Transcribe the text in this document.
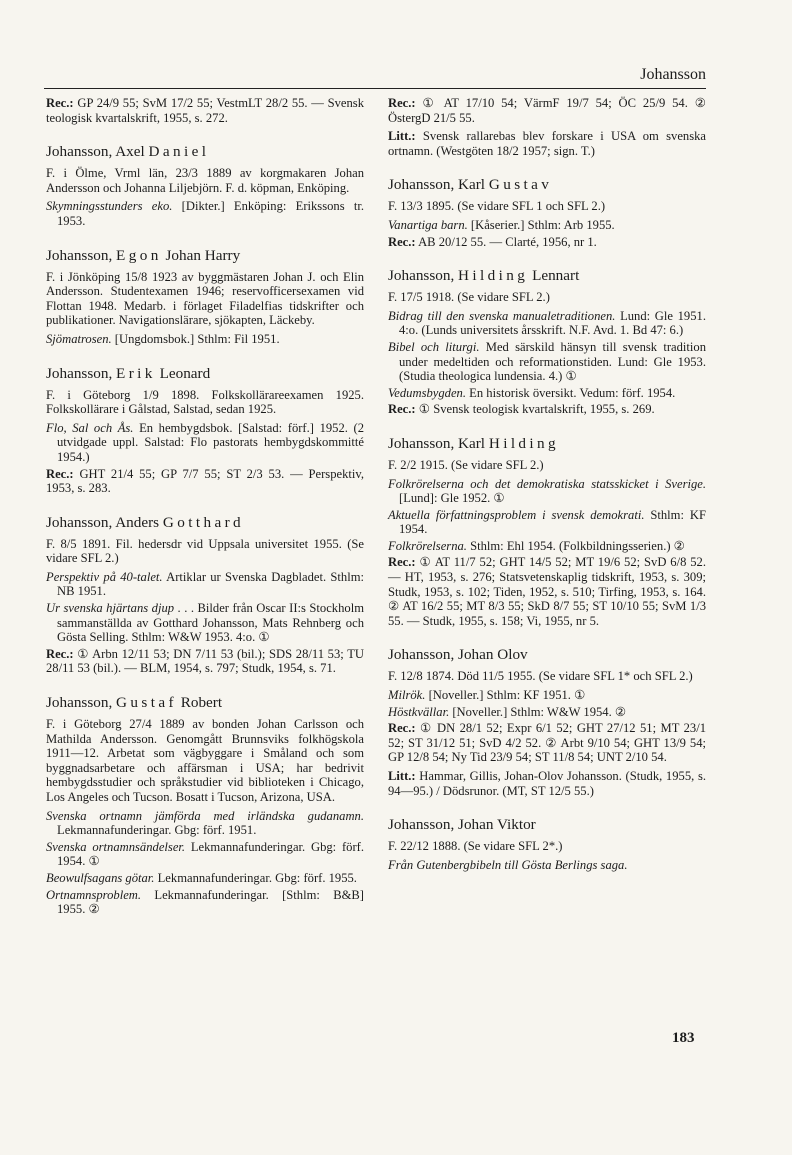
Johansson

Rec.: GP 24/9 55; SvM 17/2 55; VestmLT 28/2 55. — Svensk teologisk kvartalskrift, 1955, s. 272.

Johansson, Axel Daniel

F. i Ölme, Vrml län, 23/3 1889 av korgmakaren Johan Andersson och Johanna Liljebjörn. F. d. köpman, Enköping.

Skymningsstunders eko. [Dikter.] Enköping: Erikssons tr. 1953.

Johansson, Egon Johan Harry

F. i Jönköping 15/8 1923 av byggmästaren Johan J. och Elin Andersson. Studentexamen 1946; reservofficersexamen vid Flottan 1948. Medarb. i förlaget Filadelfias tidskrifter och publikationer. Navigationslärare, sjökapten, Läckeby.

Sjömatrosen. [Ungdomsbok.] Sthlm: Fil 1951.

Johansson, Erik Leonard

F. i Göteborg 1/9 1898. Folkskollärareexamen 1925. Folkskollärare i Gålstad, Salstad, sedan 1925.

Flo, Sal och Ås. En hembygdsbok. [Salstad: förf.] 1952. (2 utvidgade uppl. Salstad: Flo pastorats hembygdskommitté 1954.)

Rec.: GHT 21/4 55; GP 7/7 55; ST 2/3 53. — Perspektiv, 1953, s. 283.

Johansson, Anders Gotthard

F. 8/5 1891. Fil. hedersdr vid Uppsala universitet 1955. (Se vidare SFL 2.)

Perspektiv på 40-talet. Artiklar ur Svenska Dagbladet. Sthlm: NB 1951.

Ur svenska hjärtans djup . . . Bilder från Oscar II:s Stockholm sammanställda av Gotthard Johansson, Mats Rehnberg och Gösta Selling. Sthlm: W&W 1953. 4:o. ①

Rec.: ① Arbn 12/11 53; DN 7/11 53 (bil.); SDS 28/11 53; TU 28/11 53 (bil.). — BLM, 1954, s. 797; Studk, 1954, s. 71.

Johansson, Gustaf Robert

F. i Göteborg 27/4 1889 av bonden Johan Carlsson och Mathilda Andersson. Genomgått Brunnsviks folkhögskola 1911—12. Arbetat som vägbyggare i Småland och som byggnadsarbetare och affärsman i USA; har bedrivit hembygdsstudier och språkstudier vid biblioteken i Chicago, Los Angeles och Tucson. Bosatt i Tucson, Arizona, USA.

Svenska ortnamn jämförda med irländska gudanamn. Lekmannafunderingar. Gbg: förf. 1951.

Svenska ortnamnsändelser. Lekmannafunderingar. Gbg: förf. 1954. ①

Beowulfsagans götar. Lekmannafunderingar. Gbg: förf. 1955.

Ortnamnsproblem. Lekmannafunderingar. [Sthlm: B&B] 1955. ②

Rec.: ① AT 17/10 54; VärmF 19/7 54; ÖC 25/9 54. ② ÖstergD 21/5 55.

Litt.: Svensk rallarebas blev forskare i USA om svenska ortnamn. (Westgöten 18/2 1957; sign. T.)

Johansson, Karl Gustav

F. 13/3 1895. (Se vidare SFL 1 och SFL 2.)

Vanartiga barn. [Kåserier.] Sthlm: Arb 1955.

Rec.: AB 20/12 55. — Clarté, 1956, nr 1.

Johansson, Hilding Lennart

F. 17/5 1918. (Se vidare SFL 2.)

Bidrag till den svenska manualetraditionen. Lund: Gle 1951. 4:o. (Lunds universitets årsskrift. N.F. Avd. 1. Bd 47: 6.)

Bibel och liturgi. Med särskild hänsyn till svensk tradition under medeltiden och reformationstiden. Lund: Gle 1953. (Studia theologica lundensia. 4.) ①

Vedumsbygden. En historisk översikt. Vedum: förf. 1954.

Rec.: ① Svensk teologisk kvartalskrift, 1955, s. 269.

Johansson, Karl Hilding

F. 2/2 1915. (Se vidare SFL 2.)

Folkrörelserna och det demokratiska statsskicket i Sverige. [Lund]: Gle 1952. ①

Aktuella författningsproblem i svensk demokrati. Sthlm: KF 1954.

Folkrörelserna. Sthlm: Ehl 1954. (Folkbildningsserien.) ②

Rec.: ① AT 11/7 52; GHT 14/5 52; MT 19/6 52; SvD 6/8 52. — HT, 1953, s. 276; Statsvetenskaplig tidskrift, 1953, s. 309; Studk, 1953, s. 102; Tiden, 1952, s. 510; Tirfing, 1953, s. 164. ② AT 16/2 55; MT 8/3 55; SkD 8/7 55; ST 10/10 55; SvM 1/3 55. — Studk, 1955, s. 158; Vi, 1955, nr 5.

Johansson, Johan Olov

F. 12/8 1874. Död 11/5 1955. (Se vidare SFL 1* och SFL 2.)

Milrök. [Noveller.] Sthlm: KF 1951. ①

Höstkvällar. [Noveller.] Sthlm: W&W 1954. ②

Rec.: ① DN 28/1 52; Expr 6/1 52; GHT 27/12 51; MT 23/1 52; ST 31/12 51; SvD 4/2 52. ② Arbt 9/10 54; GHT 13/9 54; GP 12/8 54; Ny Tid 23/9 54; ST 11/8 54; UNT 2/10 54.

Litt.: Hammar, Gillis, Johan-Olov Johansson. (Studk, 1955, s. 94—95.) / Dödsrunor. (MT, ST 12/5 55.)

Johansson, Johan Viktor

F. 22/12 1888. (Se vidare SFL 2*.)

Från Gutenbergbibeln till Gösta Berlings saga.

183
